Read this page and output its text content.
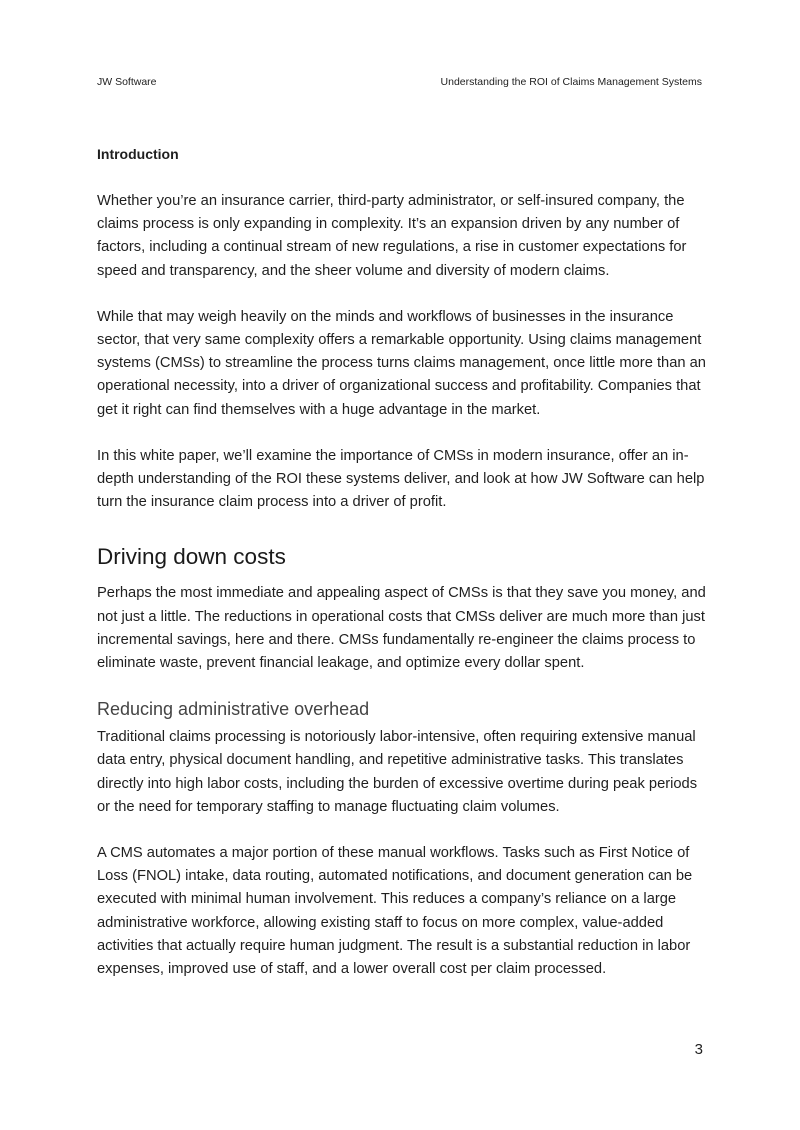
JW Software	Understanding the ROI of Claims Management Systems
Introduction

Whether you’re an insurance carrier, third-party administrator, or self-insured company, the claims process is only expanding in complexity. It’s an expansion driven by any number of factors, including a continual stream of new regulations, a rise in customer expectations for speed and transparency, and the sheer volume and diversity of modern claims.

While that may weigh heavily on the minds and workflows of businesses in the insurance sector, that very same complexity offers a remarkable opportunity. Using claims management systems (CMSs) to streamline the process turns claims management, once little more than an operational necessity, into a driver of organizational success and profitability. Companies that get it right can find themselves with a huge advantage in the market.

In this white paper, we’ll examine the importance of CMSs in modern insurance, offer an in-depth understanding of the ROI these systems deliver, and look at how JW Software can help turn the insurance claim process into a driver of profit.

Driving down costs

Perhaps the most immediate and appealing aspect of CMSs is that they save you money, and not just a little. The reductions in operational costs that CMSs deliver are much more than just incremental savings, here and there. CMSs fundamentally re-engineer the claims process to eliminate waste, prevent financial leakage, and optimize every dollar spent.

Reducing administrative overhead

Traditional claims processing is notoriously labor-intensive, often requiring extensive manual data entry, physical document handling, and repetitive administrative tasks. This translates directly into high labor costs, including the burden of excessive overtime during peak periods or the need for temporary staffing to manage fluctuating claim volumes.

A CMS automates a major portion of these manual workflows. Tasks such as First Notice of Loss (FNOL) intake, data routing, automated notifications, and document generation can be executed with minimal human involvement. This reduces a company’s reliance on a large administrative workforce, allowing existing staff to focus on more complex, value-added activities that actually require human judgment. The result is a substantial reduction in labor expenses, improved use of staff, and a lower overall cost per claim processed.

3
